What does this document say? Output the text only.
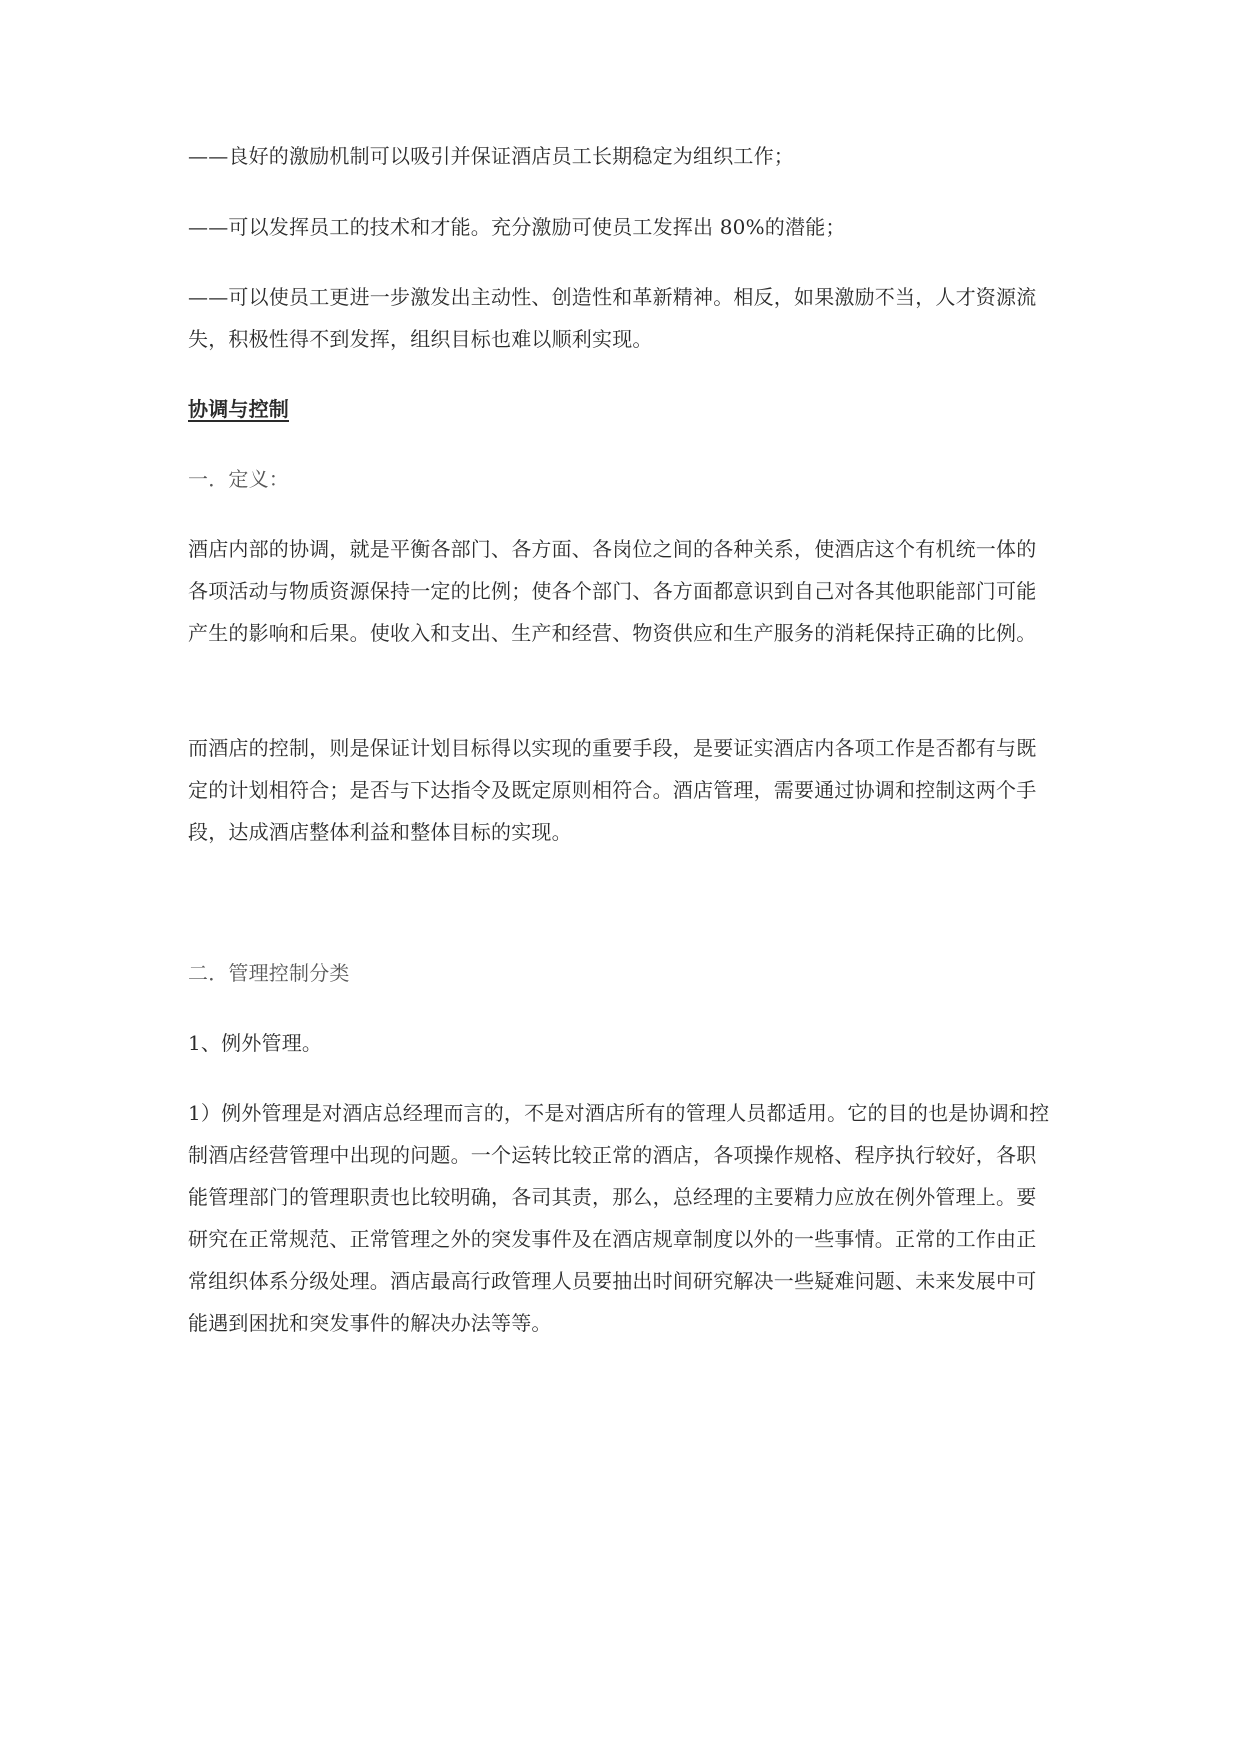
——良好的激励机制可以吸引并保证酒店员工长期稳定为组织工作；

——可以发挥员工的技术和才能。充分激励可使员工发挥出 80%的潜能；

——可以使员工更进一步激发出主动性、创造性和革新精神。相反，如果激励不当，人才资源流失，积极性得不到发挥，组织目标也难以顺利实现。

协调与控制

一．定义：

酒店内部的协调，就是平衡各部门、各方面、各岗位之间的各种关系，使酒店这个有机统一体的各项活动与物质资源保持一定的比例；使各个部门、各方面都意识到自己对各其他职能部门可能产生的影响和后果。使收入和支出、生产和经营、物资供应和生产服务的消耗保持正确的比例。

而酒店的控制，则是保证计划目标得以实现的重要手段，是要证实酒店内各项工作是否都有与既定的计划相符合；是否与下达指令及既定原则相符合。酒店管理，需要通过协调和控制这两个手段，达成酒店整体利益和整体目标的实现。

二．管理控制分类

1、例外管理。

1）例外管理是对酒店总经理而言的，不是对酒店所有的管理人员都适用。它的目的也是协调和控制酒店经营管理中出现的问题。一个运转比较正常的酒店，各项操作规格、程序执行较好，各职能管理部门的管理职责也比较明确，各司其责，那么，总经理的主要精力应放在例外管理上。要研究在正常规范、正常管理之外的突发事件及在酒店规章制度以外的一些事情。正常的工作由正常组织体系分级处理。酒店最高行政管理人员要抽出时间研究解决一些疑难问题、未来发展中可能遇到困扰和突发事件的解决办法等等。
